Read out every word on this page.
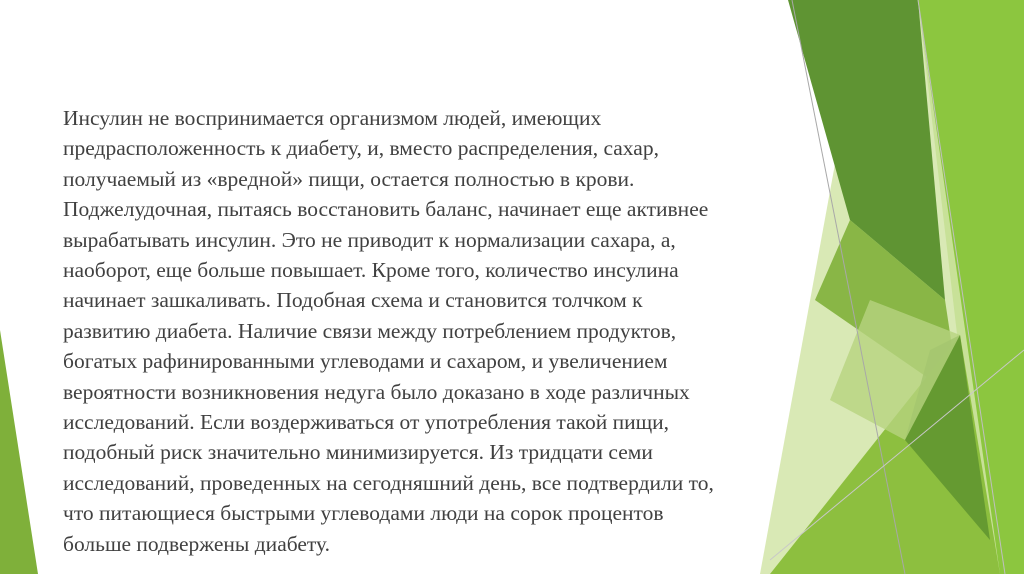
Инсулин не воспринимается организмом людей, имеющих
предрасположенность к диабету, и, вместо распределения, сахар,
получаемый из «вредной» пищи, остается полностью в крови.
Поджелудочная, пытаясь восстановить баланс, начинает еще активнее
вырабатывать инсулин. Это не приводит к нормализации сахара, а,
наоборот, еще больше повышает. Кроме того, количество инсулина
начинает зашкаливать. Подобная схема и становится толчком к
развитию диабета. Наличие связи между потреблением продуктов,
богатых рафинированными углеводами и сахаром, и увеличением
вероятности возникновения недуга было доказано в ходе различных
исследований. Если воздерживаться от употребления такой пищи,
подобный риск значительно минимизируется. Из тридцати семи
исследований, проведенных на сегодняшний день, все подтвердили то,
что питающиеся быстрыми углеводами люди на сорок процентов
больше подвержены диабету.
